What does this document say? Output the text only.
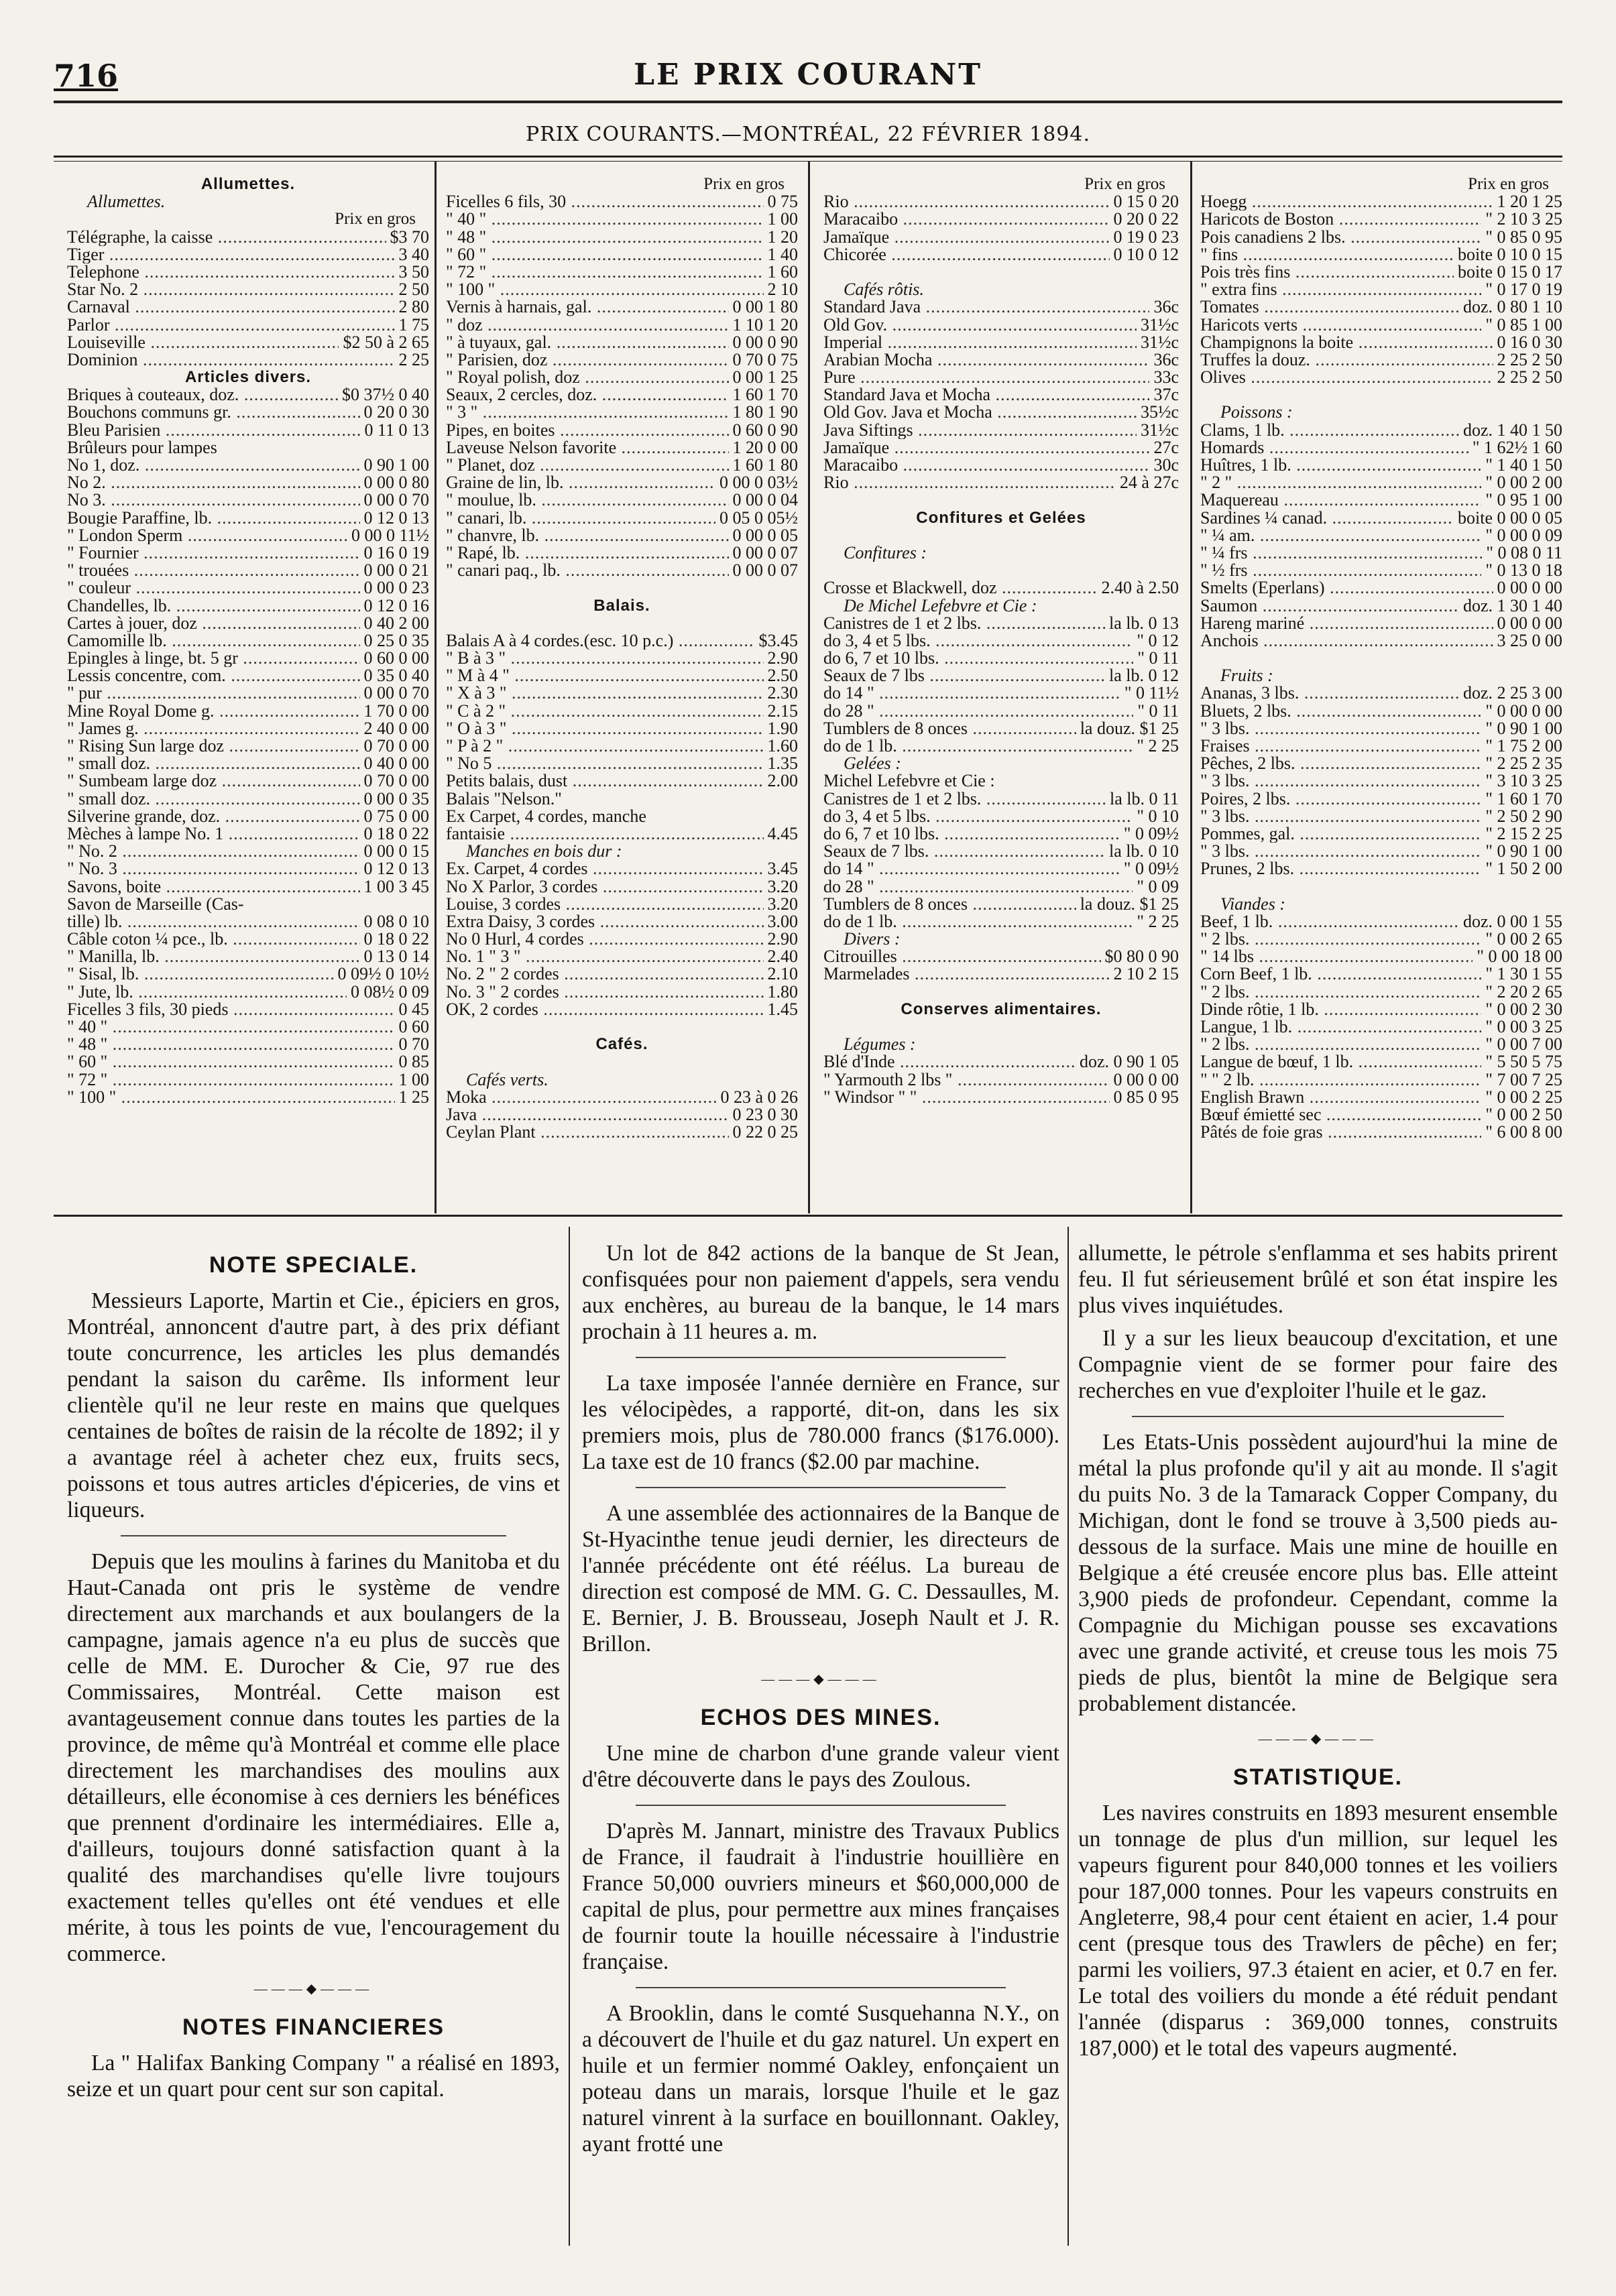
716	LE PRIX COURANT
PRIX COURANTS.—MONTRÉAL, 22 FÉVRIER 1894.
Allumettes.
Allumettes.
Prix en gros
Télégraphe, la caisse .....	$3 70
Tiger .....	3 40
Telephone .....	3 50
Star No. 2 .....	2 50
Carnaval .....	2 80
Parlor .....	1 75
Louiseville .....	$2 50 à 2 65
Dominion .....	2 25
Articles divers.
Briques à couteaux, doz. .....	$0 37½ 0 40
Bouchons communs gr. .....	0 20 0 30
Bleu Parisien .....	0 11 0 13
Brûleurs pour lampes
No 1, doz. .....	0 90 1 00
No 2. .....	0 00 0 80
No 3. .....	0 00 0 70
Bougie Paraffine, lb. .....	0 12 0 13
" London Sperm .....	0 00 0 11½
" Fournier .....	0 16 0 19
" trouées .....	0 00 0 21
" couleur .....	0 00 0 23
Chandelles, lb. .....	0 12 0 16
Cartes à jouer, doz .....	0 40 2 00
Camomille lb. .....	0 25 0 35
Epingles à linge, bt. 5 gr .....	0 60 0 00
Lessis concentre, com. .....	0 35 0 40
" pur .....	0 00 0 70
Mine Royal Dome g. .....	1 70 0 00
" James g. .....	2 40 0 00
" Rising Sun large doz .....	0 70 0 00
" small doz. .....	0 40 0 00
" Sumbeam large doz .....	0 70 0 00
" small doz. .....	0 00 0 35
Silverine grande, doz. .....	0 75 0 00
Mèches à lampe No. 1 .....	0 18 0 22
" No. 2 .....	0 00 0 15
" No. 3 .....	0 12 0 13
Savons, boite .....	1 00 3 45
Savon de Marseille (Cas-
tille) lb. .....	0 08 0 10
Câble coton ¼ pce., lb. .....	0 18 0 22
" Manilla, lb. .....	0 13 0 14
" Sisal, lb. .....	0 09½ 0 10½
" Jute, lb. .....	0 08½ 0 09
Ficelles 3 fils, 30 pieds .....	0 45
" 40 " .....	0 60
" 48 " .....	0 70
" 60 " .....	0 85
" 72 " .....	1 00
" 100 " .....	1 25
Prix en gros
Ficelles 6 fils, 30 .....	0 75
" 40 " .....	1 00
" 48 " .....	1 20
" 60 " .....	1 40
" 72 " .....	1 60
" 100 " .....	2 10
Vernis à harnais, gal. .....	0 00 1 80
" doz .....	1 10 1 20
" à tuyaux, gal. .....	0 00 0 90
" Parisien, doz .....	0 70 0 75
" Royal polish, doz .....	0 00 1 25
Seaux, 2 cercles, doz. .....	1 60 1 70
" 3 " .....	1 80 1 90
Pipes, en boites .....	0 60 0 90
Laveuse Nelson favorite .....	1 20 0 00
" Planet, doz .....	1 60 1 80
Graine de lin, lb. .....	0 00 0 03½
" moulue, lb. .....	0 00 0 04
" canari, lb. .....	0 05 0 05½
" chanvre, lb. .....	0 00 0 05
" Rapé, lb. .....	0 00 0 07
" canari paq., lb. .....	0 00 0 07
Balais.
Balais A à 4 cordes.(esc. 10 p.c.) .....	$3.45
" B à 3 " .....	2.90
" M à 4 " .....	2.50
" X à 3 " .....	2.30
" C à 2 " .....	2.15
" O à 3 " .....	1.90
" P à 2 " .....	1.60
" No 5 .....	1.35
Petits balais, dust .....	2.00
Balais "Nelson."
Ex Carpet, 4 cordes, manche
fantaisie .....	4.45
Manches en bois dur :
Ex. Carpet, 4 cordes .....	3.45
No X Parlor, 3 cordes .....	3.20
Louise, 3 cordes .....	3.20
Extra Daisy, 3 cordes .....	3.00
No 0 Hurl, 4 cordes .....	2.90
No. 1 " 3 " .....	2.40
No. 2 " 2 cordes .....	2.10
No. 3 " 2 cordes .....	1.80
OK, 2 cordes .....	1.45
Cafés.
Cafés verts.
Moka .....	0 23 à 0 26
Java .....	0 23 0 30
Ceylan Plant .....	0 22 0 25
Prix en gros
Rio .....	0 15 0 20
Maracaibo .....	0 20 0 22
Jamaïque .....	0 19 0 23
Chicorée .....	0 10 0 12
Cafés rôtis.
Standard Java .....	36c
Old Gov. .....	31½c
Imperial .....	31½c
Arabian Mocha .....	36c
Pure .....	33c
Standard Java et Mocha .....	37c
Old Gov. Java et Mocha .....	35½c
Java Siftings .....	31½c
Jamaïque .....	27c
Maracaibo .....	30c
Rio .....	24 à 27c
Confitures et Gelées
Confitures :
Crosse et Blackwell, doz .....	2.40 à 2.50
De Michel Lefebvre et Cie :
Canistres de 1 et 2 lbs. .....	la lb. 0 13
do 3, 4 et 5 lbs. .....	" 0 12
do 6, 7 et 10 lbs. .....	" 0 11
Seaux de 7 lbs .....	la lb. 0 12
do 14 " .....	" 0 11½
do 28 " .....	" 0 11
Tumblers de 8 onces .....	la douz. $1 25
do de 1 lb. .....	" 2 25
Gelées :
Michel Lefebvre et Cie :
Canistres de 1 et 2 lbs. .....	la lb. 0 11
do 3, 4 et 5 lbs. .....	" 0 10
do 6, 7 et 10 lbs. .....	" 0 09½
Seaux de 7 lbs. .....	la lb. 0 10
do 14 " .....	" 0 09½
do 28 " .....	" 0 09
Tumblers de 8 onces .....	la douz. $1 25
do de 1 lb. .....	" 2 25
Divers :
Citrouilles .....	$0 80 0 90
Marmelades .....	2 10 2 15
Conserves alimentaires.
Légumes :
Blé d'Inde .....	doz. 0 90 1 05
" Yarmouth 2 lbs " .....	0 00 0 00
" Windsor " " .....	0 85 0 95
Prix en gros
Hoegg .....	1 20 1 25
Haricots de Boston .....	" 2 10 3 25
Pois canadiens 2 lbs. .....	" 0 85 0 95
" fins .....	boite 0 10 0 15
Pois très fins .....	boite 0 15 0 17
" extra fins .....	" 0 17 0 19
Tomates .....	doz. 0 80 1 10
Haricots verts .....	" 0 85 1 00
Champignons la boite .....	0 16 0 30
Truffes la douz. .....	2 25 2 50
Olives .....	2 25 2 50
Poissons :
Clams, 1 lb. .....	doz. 1 40 1 50
Homards .....	" 1 62½ 1 60
Huîtres, 1 lb. .....	" 1 40 1 50
" 2 " .....	" 0 00 2 00
Maquereau .....	" 0 95 1 00
Sardines ¼ canad. .....	boite 0 00 0 05
" ¼ am. .....	" 0 00 0 09
" ¼ frs .....	" 0 08 0 11
" ½ frs .....	" 0 13 0 18
Smelts (Eperlans) .....	0 00 0 00
Saumon .....	doz. 1 30 1 40
Hareng mariné .....	0 00 0 00
Anchois .....	3 25 0 00
Fruits :
Ananas, 3 lbs. .....	doz. 2 25 3 00
Bluets, 2 lbs. .....	" 0 00 0 00
" 3 lbs. .....	" 0 90 1 00
Fraises .....	" 1 75 2 00
Pêches, 2 lbs. .....	" 2 25 2 35
" 3 lbs. .....	" 3 10 3 25
Poires, 2 lbs. .....	" 1 60 1 70
" 3 lbs. .....	" 2 50 2 90
Pommes, gal. .....	" 2 15 2 25
" 3 lbs. .....	" 0 90 1 00
Prunes, 2 lbs. .....	" 1 50 2 00
Viandes :
Beef, 1 lb. .....	doz. 0 00 1 55
" 2 lbs. .....	" 0 00 2 65
" 14 lbs .....	" 0 00 18 00
Corn Beef, 1 lb. .....	" 1 30 1 55
" 2 lbs. .....	" 2 20 2 65
Dinde rôtie, 1 lb. .....	" 0 00 2 30
Langue, 1 lb. .....	" 0 00 3 25
" 2 lbs. .....	" 0 00 7 00
Langue de bœuf, 1 lb. .....	" 5 50 5 75
" " 2 lb. .....	" 7 00 7 25
English Brawn .....	" 0 00 2 25
Bœuf émietté sec .....	" 0 00 2 50
Pâtés de foie gras .....	" 6 00 8 00
NOTE SPECIALE.

Messieurs Laporte, Martin et Cie., épiciers en gros, Montréal, annoncent d'autre part, à des prix défiant toute concurrence, les articles les plus demandés pendant la saison du carême. Ils informent leur clientèle qu'il ne leur reste en mains que quelques centaines de boîtes de raisin de la récolte de 1892; il y a avantage réel à acheter chez eux, fruits secs, poissons et tous autres articles d'épiceries, de vins et liqueurs.

Depuis que les moulins à farines du Manitoba et du Haut-Canada ont pris le système de vendre directement aux marchands et aux boulangers de la campagne, jamais agence n'a eu plus de succès que celle de MM. E. Durocher & Cie, 97 rue des Commissaires, Montréal. Cette maison est avantageusement connue dans toutes les parties de la province, de même qu'à Montréal et comme elle place directement les marchandises des moulins aux détailleurs, elle économise à ces derniers les bénéfices que prennent d'ordinaire les intermédiaires. Elle a, d'ailleurs, toujours donné satisfaction quant à la qualité des marchandises qu'elle livre toujours exactement telles qu'elles ont été vendues et elle mérite, à tous les points de vue, l'encouragement du commerce.

———◆———
NOTES FINANCIERES

La " Halifax Banking Company " a réalisé en 1893, seize et un quart pour cent sur son capital.

Un lot de 842 actions de la banque de St Jean, confisquées pour non paiement d'appels, sera vendu aux enchères, au bureau de la banque, le 14 mars prochain à 11 heures a. m.

La taxe imposée l'année dernière en France, sur les vélocipèdes, a rapporté, dit-on, dans les six premiers mois, plus de 780.000 francs ($176.000). La taxe est de 10 francs ($2.00 par machine.

A une assemblée des actionnaires de la Banque de St-Hyacinthe tenue jeudi dernier, les directeurs de l'année précédente ont été réélus. La bureau de direction est composé de MM. G. C. Dessaulles, M. E. Bernier, J. B. Brousseau, Joseph Nault et J. R. Brillon.

———◆———
ECHOS DES MINES.

Une mine de charbon d'une grande valeur vient d'être découverte dans le pays des Zoulous.

D'après M. Jannart, ministre des Travaux Publics de France, il faudrait à l'industrie houillière en France 50,000 ouvriers mineurs et $60,000,000 de capital de plus, pour permettre aux mines françaises de fournir toute la houille nécessaire à l'industrie française.

A Brooklin, dans le comté Susquehanna N.Y., on a découvert de l'huile et du gaz naturel. Un expert en huile et un fermier nommé Oakley, enfonçaient un poteau dans un marais, lorsque l'huile et le gaz naturel vinrent à la surface en bouillonnant. Oakley, ayant frotté une

allumette, le pétrole s'enflamma et ses habits prirent feu. Il fut sérieusement brûlé et son état inspire les plus vives inquiétudes.

Il y a sur les lieux beaucoup d'excitation, et une Compagnie vient de se former pour faire des recherches en vue d'exploiter l'huile et le gaz.

Les Etats-Unis possèdent aujourd'hui la mine de métal la plus profonde qu'il y ait au monde. Il s'agit du puits No. 3 de la Tamarack Copper Company, du Michigan, dont le fond se trouve à 3,500 pieds au-dessous de la surface. Mais une mine de houille en Belgique a été creusée encore plus bas. Elle atteint 3,900 pieds de profondeur. Cependant, comme la Compagnie du Michigan pousse ses excavations avec une grande activité, et creuse tous les mois 75 pieds de plus, bientôt la mine de Belgique sera probablement distancée.

———◆———
STATISTIQUE.

Les navires construits en 1893 mesurent ensemble un tonnage de plus d'un million, sur lequel les vapeurs figurent pour 840,000 tonnes et les voiliers pour 187,000 tonnes. Pour les vapeurs construits en Angleterre, 98,4 pour cent étaient en acier, 1.4 pour cent (presque tous des Trawlers de pêche) en fer; parmi les voiliers, 97.3 étaient en acier, et 0.7 en fer. Le total des voiliers du monde a été réduit pendant l'année (disparus : 369,000 tonnes, construits 187,000) et le total des vapeurs augmenté.
